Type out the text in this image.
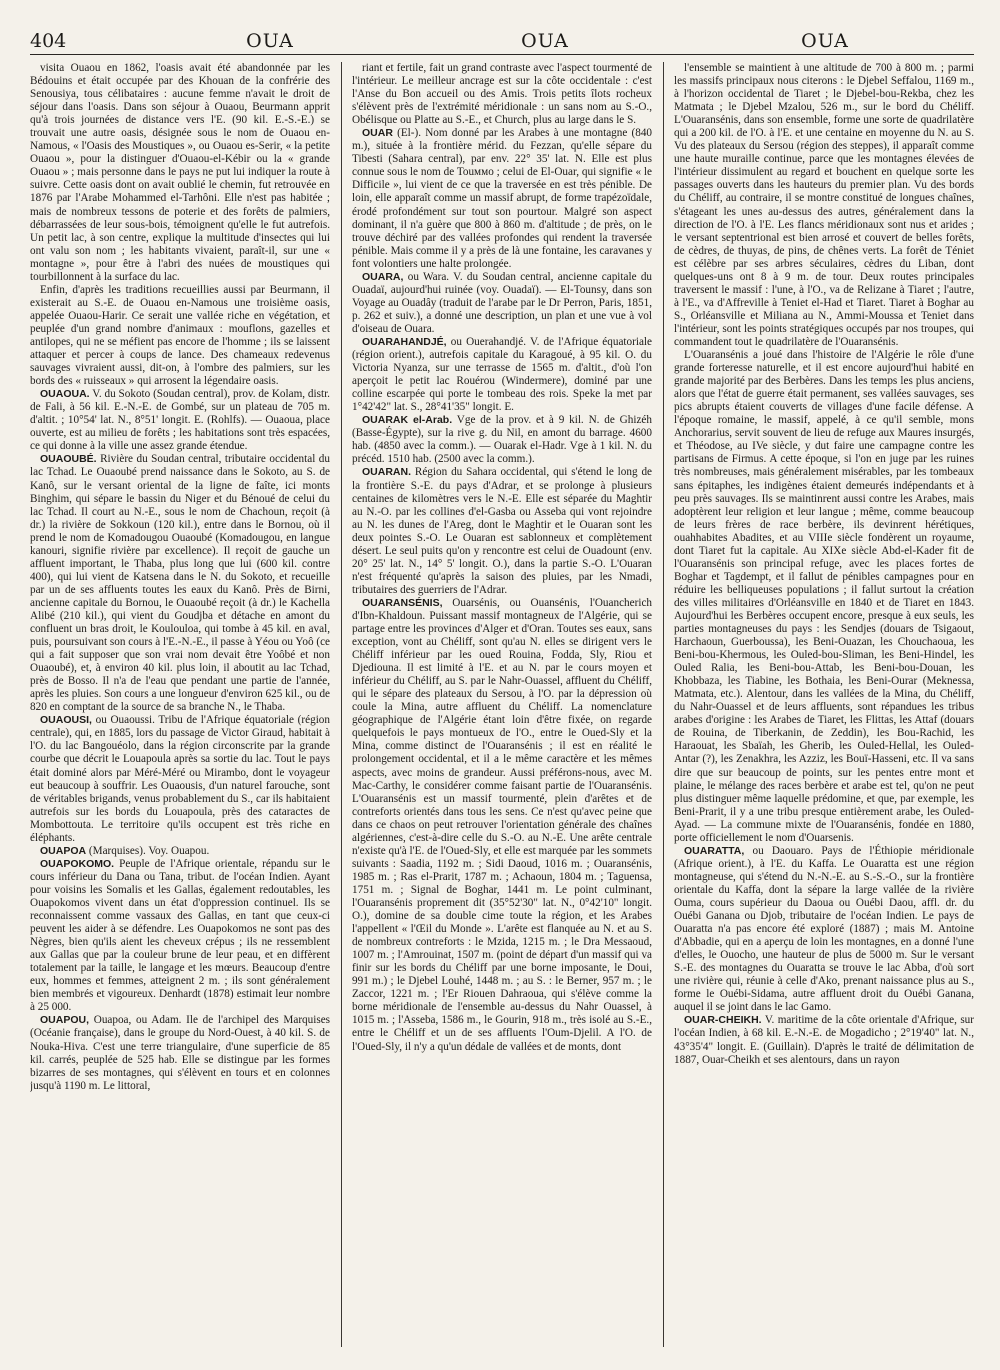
404	OUA	OUA	OUA

visita Ouaou en 1862, l'oasis avait été abandonnée par les Bédouins et était occupée par des Khouan de la confrérie des Senousiya, tous célibataires : aucune femme n'avait le droit de séjour dans l'oasis. Dans son séjour à Ouaou, Beurmann apprit qu'à trois journées de distance vers l'E. (90 kil. E.-S.-E.) se trouvait une autre oasis, désignée sous le nom de Ouaou en-Namous, « l'Oasis des Moustiques », ou Ouaou es-Serir, « la petite Ouaou », pour la distinguer d'Ouaou-el-Kébir ou la « grande Ouaou » ; mais personne dans le pays ne put lui indiquer la route à suivre. Cette oasis dont on avait oublié le chemin, fut retrouvée en 1876 par l'Arabe Mohammed el-Tarhôni. Elle n'est pas habitée ; mais de nombreux tessons de poterie et des forêts de palmiers, débarrassées de leur sous-bois, témoignent qu'elle le fut autrefois. Un petit lac, à son centre, explique la multitude d'insectes qui lui ont valu son nom ; les habitants vivaient, paraît-il, sur une « montagne », pour être à l'abri des nuées de moustiques qui tourbillonnent à la surface du lac.

Enfin, d'après les traditions recueillies aussi par Beurmann, il existerait au S.-E. de Ouaou en-Namous une troisième oasis, appelée Ouaou-Harir. Ce serait une vallée riche en végétation, et peuplée d'un grand nombre d'animaux : mouflons, gazelles et antilopes, qui ne se méfient pas encore de l'homme ; ils se laissent attaquer et percer à coups de lance. Des chameaux redevenus sauvages vivraient aussi, dit-on, à l'ombre des palmiers, sur les bords des « ruisseaux » qui arrosent la légendaire oasis.

OUAOUA. V. du Sokoto (Soudan central), prov. de Kolam, distr. de Fali, à 56 kil. E.-N.-E. de Gombé, sur un plateau de 705 m. d'altit. ; 10°54' lat. N., 8°51' longit. E. (Rohlfs). — Ouaoua, place ouverte, est au milieu de forêts ; les habitations sont très espacées, ce qui donne à la ville une assez grande étendue.

OUAOUBÉ. Rivière du Soudan central, tributaire occidental du lac Tchad. Le Ouaoubé prend naissance dans le Sokoto, au S. de Kanô, sur le versant oriental de la ligne de faîte, ici monts Binghim, qui sépare le bassin du Niger et du Bénoué de celui du lac Tchad. Il court au N.-E., sous le nom de Chachoun, reçoit (à dr.) la rivière de Sokkoun (120 kil.), entre dans le Bornou, où il prend le nom de Komadougou Ouaoubé (Komadougou, en langue kanouri, signifie rivière par excellence). Il reçoit de gauche un affluent important, le Thaba, plus long que lui (600 kil. contre 400), qui lui vient de Katsena dans le N. du Sokoto, et recueille par un de ses affluents toutes les eaux du Kanô. Près de Birni, ancienne capitale du Bornou, le Ouaoubé reçoit (à dr.) le Kachella Alibé (210 kil.), qui vient du Goudjba et détache en amont du confluent un bras droit, le Koulouloa, qui tombe à 45 kil. en aval, puis, poursuivant son cours à l'E.-N.-E., il passe à Yéou ou Yoô (ce qui a fait supposer que son vrai nom devait être Yoôbé et non Ouaoubé), et, à environ 40 kil. plus loin, il aboutit au lac Tchad, près de Bosso. Il n'a de l'eau que pendant une partie de l'année, après les pluies. Son cours a une longueur d'environ 625 kil., ou de 820 en comptant de la source de sa branche N., le Thaba.

OUAOUSI, ou Ouaoussi. Tribu de l'Afrique équatoriale (région centrale), qui, en 1885, lors du passage de Victor Giraud, habitait à l'O. du lac Bangouéolo, dans la région circonscrite par la grande courbe que décrit le Louapoula après sa sortie du lac. Tout le pays était dominé alors par Méré-Méré ou Mirambo, dont le voyageur eut beaucoup à souffrir. Les Ouaousis, d'un naturel farouche, sont de véritables brigands, venus probablement du S., car ils habitaient autrefois sur les bords du Louapoula, près des cataractes de Mombottouta. Le territoire qu'ils occupent est très riche en éléphants.

OUAPOA (Marquises). Voy. Ouapou.

OUAPOKOMO. Peuple de l'Afrique orientale, répandu sur le cours inférieur du Dana ou Tana, tribut. de l'océan Indien. Ayant pour voisins les Somalis et les Gallas, également redoutables, les Ouapokomos vivent dans un état d'oppression continuel. Ils se reconnaissent comme vassaux des Gallas, en tant que ceux-ci peuvent les aider à se défendre. Les Ouapokomos ne sont pas des Nègres, bien qu'ils aient les cheveux crépus ; ils ne ressemblent aux Gallas que par la couleur brune de leur peau, et en diffèrent totalement par la taille, le langage et les mœurs. Beaucoup d'entre eux, hommes et femmes, atteignent 2 m. ; ils sont généralement bien membrés et vigoureux. Denhardt (1878) estimait leur nombre à 25 000.

OUAPOU, Ouapoa, ou Adam. Ile de l'archipel des Marquises (Océanie française), dans le groupe du Nord-Ouest, à 40 kil. S. de Nouka-Hiva. C'est une terre triangulaire, d'une superficie de 85 kil. carrés, peuplée de 525 hab. Elle se distingue par les formes bizarres de ses montagnes, qui s'élèvent en tours et en colonnes jusqu'à 1190 m. Le littoral,

riant et fertile, fait un grand contraste avec l'aspect tourmenté de l'intérieur. Le meilleur ancrage est sur la côte occidentale : c'est l'Anse du Bon accueil ou des Amis. Trois petits îlots rocheux s'élèvent près de l'extrémité méridionale : un sans nom au S.-O., Obélisque ou Platte au S.-E., et Church, plus au large dans le S.

OUAR (El-). Nom donné par les Arabes à une montagne (840 m.), située à la frontière mérid. du Fezzan, qu'elle sépare du Tibesti (Sahara central), par env. 22° 35' lat. N. Elle est plus connue sous le nom de Touммо ; celui de El-Ouar, qui signifie « le Difficile », lui vient de ce que la traversée en est très pénible. De loin, elle apparaît comme un massif abrupt, de forme trapézoïdale, érodé profondément sur tout son pourtour. Malgré son aspect dominant, il n'a guère que 800 à 860 m. d'altitude ; de près, on le trouve déchiré par des vallées profondes qui rendent la traversée pénible. Mais comme il y a près de là une fontaine, les caravanes y font volontiers une halte prolongée.

OUARA, ou Wara. V. du Soudan central, ancienne capitale du Ouadaï, aujourd'hui ruinée (voy. Ouadaï). — El-Tounsy, dans son Voyage au Ouadây (traduit de l'arabe par le Dr Perron, Paris, 1851, p. 262 et suiv.), a donné une description, un plan et une vue à vol d'oiseau de Ouara.

OUARAHANDJÉ, ou Ouerahandjé. V. de l'Afrique équatoriale (région orient.), autrefois capitale du Karagoué, à 95 kil. O. du Victoria Nyanza, sur une terrasse de 1565 m. d'altit., d'où l'on aperçoit le petit lac Rouérou (Windermere), dominé par une colline escarpée qui porte le tombeau des rois. Speke la met par 1°42'42" lat. S., 28°41'35" longit. E.

OUARAK el-Arab. Vge de la prov. et à 9 kil. N. de Ghizéh (Basse-Égypte), sur la rive g. du Nil, en amont du barrage. 4600 hab. (4850 avec la comm.). — Ouarak el-Hadr. Vge à 1 kil. N. du précéd. 1510 hab. (2500 avec la comm.).

OUARAN. Région du Sahara occidental, qui s'étend le long de la frontière S.-E. du pays d'Adrar, et se prolonge à plusieurs centaines de kilomètres vers le N.-E. Elle est séparée du Maghtir au N.-O. par les collines d'el-Gasba ou Asseba qui vont rejoindre au N. les dunes de l'Areg, dont le Maghtir et le Ouaran sont les deux pointes S.-O. Le Ouaran est sablonneux et complètement désert. Le seul puits qu'on y rencontre est celui de Ouadount (env. 20° 25' lat. N., 14° 5' longit. O.), dans la partie S.-O. L'Ouaran n'est fréquenté qu'après la saison des pluies, par les Nmadi, tributaires des guerriers de l'Adrar.

OUARANSÉNIS, Ouarsénis, ou Ouansénis, l'Ouancherich d'Ibn-Khaldoun. Puissant massif montagneux de l'Algérie, qui se partage entre les provinces d'Alger et d'Oran. Toutes ses eaux, sans exception, vont au Chéliff, sont qu'au N. elles se dirigent vers le Chéliff inférieur par les oued Rouina, Fodda, Sly, Riou et Djediouna. Il est limité à l'E. et au N. par le cours moyen et inférieur du Chéliff, au S. par le Nahr-Ouassel, affluent du Chéliff, qui le sépare des plateaux du Sersou, à l'O. par la dépression où coule la Mina, autre affluent du Chéliff. La nomenclature géographique de l'Algérie étant loin d'être fixée, on regarde quelquefois le pays montueux de l'O., entre le Oued-Sly et la Mina, comme distinct de l'Ouaransénis ; il est en réalité le prolongement occidental, et il a le même caractère et les mêmes aspects, avec moins de grandeur. Aussi préférons-nous, avec M. Mac-Carthy, le considérer comme faisant partie de l'Ouaransénis. L'Ouaransénis est un massif tourmenté, plein d'arêtes et de contreforts orientés dans tous les sens. Ce n'est qu'avec peine que dans ce chaos on peut retrouver l'orientation générale des chaînes algériennes, c'est-à-dire celle du S.-O. au N.-E. Une arête centrale n'existe qu'à l'E. de l'Oued-Sly, et elle est marquée par les sommets suivants : Saadia, 1192 m. ; Sidi Daoud, 1016 m. ; Ouaransénis, 1985 m. ; Ras el-Prarit, 1787 m. ; Achaoun, 1804 m. ; Taguensa, 1751 m. ; Signal de Boghar, 1441 m. Le point culminant, l'Ouaransénis proprement dit (35°52'30" lat. N., 0°42'10" longit. O.), domine de sa double cime toute la région, et les Arabes l'appellent « l'Œil du Monde ». L'arête est flanquée au N. et au S. de nombreux contreforts : le Mzida, 1215 m. ; le Dra Messaoud, 1007 m. ; l'Amrouinat, 1507 m. (point de départ d'un massif qui va finir sur les bords du Chéliff par une borne imposante, le Doui, 991 m.) ; le Djebel Louhé, 1448 m. ; au S. : le Berner, 957 m. ; le Zaccor, 1221 m. ; l'Er Riouen Dahraoua, qui s'élève comme la borne méridionale de l'ensemble au-dessus du Nahr Ouassel, à 1015 m. ; l'Asseba, 1586 m., le Gourin, 918 m., très isolé au S.-E., entre le Chéliff et un de ses affluents l'Oum-Djelil. A l'O. de l'Oued-Sly, il n'y a qu'un dédale de vallées et de monts, dont

l'ensemble se maintient à une altitude de 700 à 800 m. ; parmi les massifs principaux nous citerons : le Djebel Seffalou, 1169 m., à l'horizon occidental de Tiaret ; le Djebel-bou-Rekba, chez les Matmata ; le Djebel Mzalou, 526 m., sur le bord du Chéliff. L'Ouaransénis, dans son ensemble, forme une sorte de quadrilatère qui a 200 kil. de l'O. à l'E. et une centaine en moyenne du N. au S. Vu des plateaux du Sersou (région des steppes), il apparaît comme une haute muraille continue, parce que les montagnes élevées de l'intérieur dissimulent au regard et bouchent en quelque sorte les passages ouverts dans les hauteurs du premier plan. Vu des bords du Chéliff, au contraire, il se montre constitué de longues chaînes, s'étageant les unes au-dessus des autres, généralement dans la direction de l'O. à l'E. Les flancs méridionaux sont nus et arides ; le versant septentrional est bien arrosé et couvert de belles forêts, de cèdres, de thuyas, de pins, de chênes verts. La forêt de Téniet est célèbre par ses arbres séculaires, cèdres du Liban, dont quelques-uns ont 8 à 9 m. de tour. Deux routes principales traversent le massif : l'une, à l'O., va de Relizane à Tiaret ; l'autre, à l'E., va d'Affreville à Teniet el-Had et Tiaret. Tiaret à Boghar au S., Orléansville et Miliana au N., Ammi-Moussa et Teniet dans l'intérieur, sont les points stratégiques occupés par nos troupes, qui commandent tout le quadrilatère de l'Ouaransénis.

L'Ouaransénis a joué dans l'histoire de l'Algérie le rôle d'une grande forteresse naturelle, et il est encore aujourd'hui habité en grande majorité par des Berbères. Dans les temps les plus anciens, alors que l'état de guerre était permanent, ses vallées sauvages, ses pics abrupts étaient couverts de villages d'une facile défense. A l'époque romaine, le massif, appelé, à ce qu'il semble, mons Anchorarius, servit souvent de lieu de refuge aux Maures insurgés, et Théodose, au IVe siècle, y dut faire une campagne contre les partisans de Firmus. A cette époque, si l'on en juge par les ruines très nombreuses, mais généralement misérables, par les tombeaux sans épitaphes, les indigènes étaient demeurés indépendants et à peu près sauvages. Ils se maintinrent aussi contre les Arabes, mais adoptèrent leur religion et leur langue ; même, comme beaucoup de leurs frères de race berbère, ils devinrent hérétiques, ouahhabites Abadites, et au VIIIe siècle fondèrent un royaume, dont Tiaret fut la capitale. Au XIXe siècle Abd-el-Kader fit de l'Ouaransénis son principal refuge, avec les places fortes de Boghar et Tagdempt, et il fallut de pénibles campagnes pour en réduire les belliqueuses populations ; il fallut surtout la création des villes militaires d'Orléansville en 1840 et de Tiaret en 1843. Aujourd'hui les Berbères occupent encore, presque à eux seuls, les parties montagneuses du pays : les Sendjes (douars de Tsigaout, Harchaoun, Guerboussa), les Beni-Ouazan, les Chouchaoua, les Beni-bou-Khermous, les Ouled-bou-Sliman, les Beni-Hindel, les Ouled Ralia, les Beni-bou-Attab, les Beni-bou-Douan, les Khobbaza, les Tiabine, les Bothaia, les Beni-Ourar (Meknessa, Matmata, etc.). Alentour, dans les vallées de la Mina, du Chéliff, du Nahr-Ouassel et de leurs affluents, sont répandues les tribus arabes d'origine : les Arabes de Tiaret, les Flittas, les Attaf (douars de Rouina, de Tiberkanin, de Zeddin), les Bou-Rachid, les Haraouat, les Sbaïah, les Gherib, les Ouled-Hellal, les Ouled-Antar (?), les Zenakhra, les Azziz, les Bouï-Hasseni, etc. Il va sans dire que sur beaucoup de points, sur les pentes entre mont et plaine, le mélange des races berbère et arabe est tel, qu'on ne peut plus distinguer même laquelle prédomine, et que, par exemple, les Beni-Prarit, il y a une tribu presque entièrement arabe, les Ouled-Ayad. — La commune mixte de l'Ouaransénis, fondée en 1880, porte officiellement le nom d'Ouarsenis.

OUARATTA, ou Daouaro. Pays de l'Éthiopie méridionale (Afrique orient.), à l'E. du Kaffa. Le Ouaratta est une région montagneuse, qui s'étend du N.-N.-E. au S.-S.-O., sur la frontière orientale du Kaffa, dont la sépare la large vallée de la rivière Ouma, cours supérieur du Daoua ou Ouébi Daou, affl. dr. du Ouébi Ganana ou Djob, tributaire de l'océan Indien. Le pays de Ouaratta n'a pas encore été exploré (1887) ; mais M. Antoine d'Abbadie, qui en a aperçu de loin les montagnes, en a donné l'une d'elles, le Ouocho, une hauteur de plus de 5000 m. Sur le versant S.-E. des montagnes du Ouaratta se trouve le lac Abba, d'où sort une rivière qui, réunie à celle d'Ako, prenant naissance plus au S., forme le Ouébi-Sidama, autre affluent droit du Ouébi Ganana, auquel il se joint dans le lac Gamo.

OUAR-CHEIKH. V. maritime de la côte orientale d'Afrique, sur l'océan Indien, à 68 kil. E.-N.-E. de Mogadicho ; 2°19'40" lat. N., 43°35'4" longit. E. (Guillain). D'après le traité de délimitation de 1887, Ouar-Cheikh et ses alentours, dans un rayon
